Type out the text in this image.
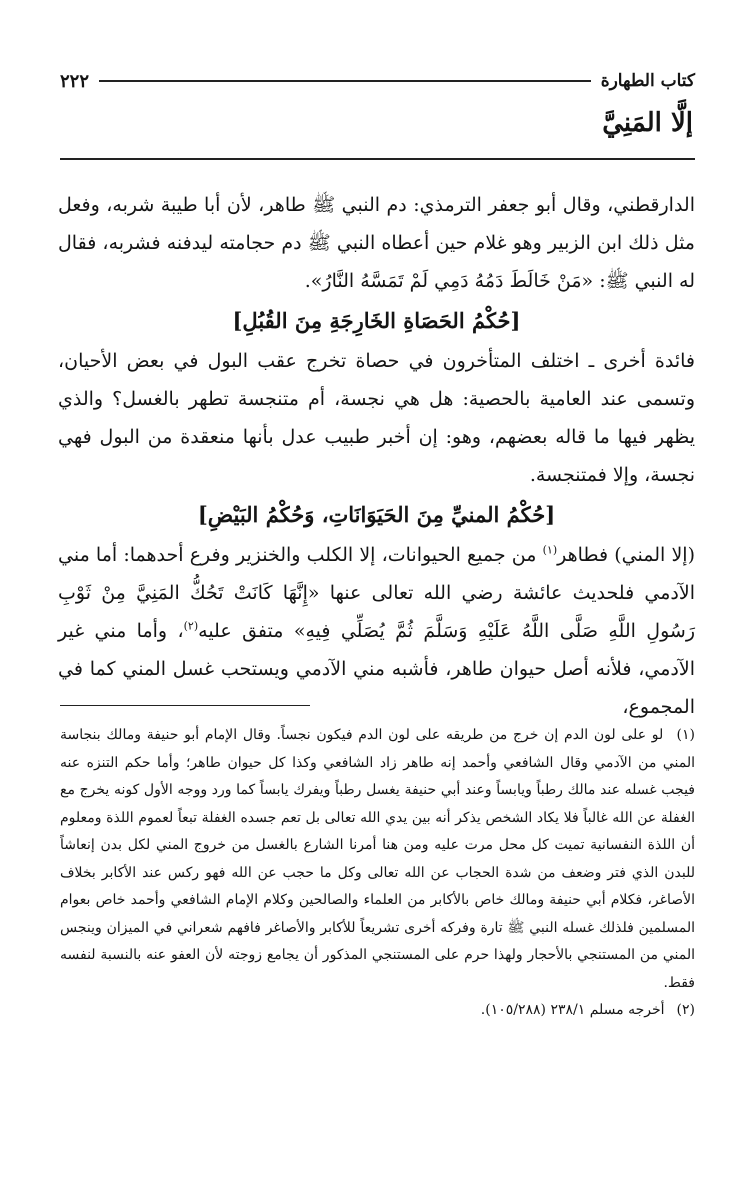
كتاب الطهارة
٢٢٢
إلَّا المَنِيَّ

الدارقطني، وقال أبو جعفر الترمذي: دم النبي ﷺ طاهر، لأن أبا طيبة شربه، وفعل مثل ذلك ابن الزبير وهو غلام حين أعطاه النبي ﷺ دم حجامته ليدفنه فشربه، فقال له النبي ﷺ: «مَنْ خَالَطَ دَمُهُ دَمِي لَمْ تَمَسَّهُ النَّارُ».

[حُكْمُ الحَصَاةِ الخَارِجَةِ مِنَ القُبُلِ]

فائدة أخرى ـ اختلف المتأخرون في حصاة تخرج عقب البول في بعض الأحيان، وتسمى عند العامية بالحصية: هل هي نجسة، أم متنجسة تطهر بالغسل؟ والذي يظهر فيها ما قاله بعضهم، وهو: إن أخبر طبيب عدل بأنها منعقدة من البول فهي نجسة، وإلا فمتنجسة.

[حُكْمُ المنيِّ مِنَ الحَيَوَانَاتِ، وَحُكْمُ البَيْضِ]

(إلا المني) فطاهر$^{(١)}$ من جميع الحيوانات، إلا الكلب والخنزير وفرع أحدهما: أما مني الآدمي فلحديث عائشة رضي الله تعالى عنها «إِنَّهَا كَانَتْ تَحُكُّ المَنِيَّ مِنْ ثَوْبِ رَسُولِ اللَّهِ صَلَّى اللَّهُ عَلَيْهِ وَسَلَّمَ ثُمَّ يُصَلِّي فِيهِ» متفق عليه$^{(٢)}$، وأما مني غير الآدمي، فلأنه أصل حيوان طاهر، فأشبه مني الآدمي ويستحب غسل المني كما في المجموع،

(١) لو على لون الدم إن خرج من طريقه على لون الدم فيكون نجساً. وقال الإمام أبو حنيفة ومالك بنجاسة المني من الآدمي وقال الشافعي وأحمد إنه طاهر زاد الشافعي وكذا كل حيوان طاهر؛ وأما حكم التنزه عنه فيجب غسله عند مالك رطباً ويابساً وعند أبي حنيفة يغسل رطباً ويفرك يابساً كما ورد ووجه الأول كونه يخرج مع الغفلة عن الله غالباً فلا يكاد الشخص يذكر أنه بين يدي الله تعالى بل تعم جسده الغفلة تبعاً لعموم اللذة ومعلوم أن اللذة النفسانية تميت كل محل مرت عليه ومن هنا أمرنا الشارع بالغسل من خروج المني لكل بدن إنعاشاً للبدن الذي فتر وضعف من شدة الحجاب عن الله تعالى وكل ما حجب عن الله فهو ركس عند الأكابر بخلاف الأصاغر، فكلام أبي حنيفة ومالك خاص بالأكابر من العلماء والصالحين وكلام الإمام الشافعي وأحمد خاص بعوام المسلمين فلذلك غسله النبي ﷺ تارة وفركه أخرى تشريعاً للأكابر والأصاغر فافهم شعراني في الميزان وينجس المني من المستنجي بالأحجار ولهذا حرم على المستنجي المذكور أن يجامع زوجته لأن العفو عنه بالنسبة لنفسه فقط.

(٢) أخرجه مسلم ٢٣٨/١ (١٠٥/٢٨٨).
